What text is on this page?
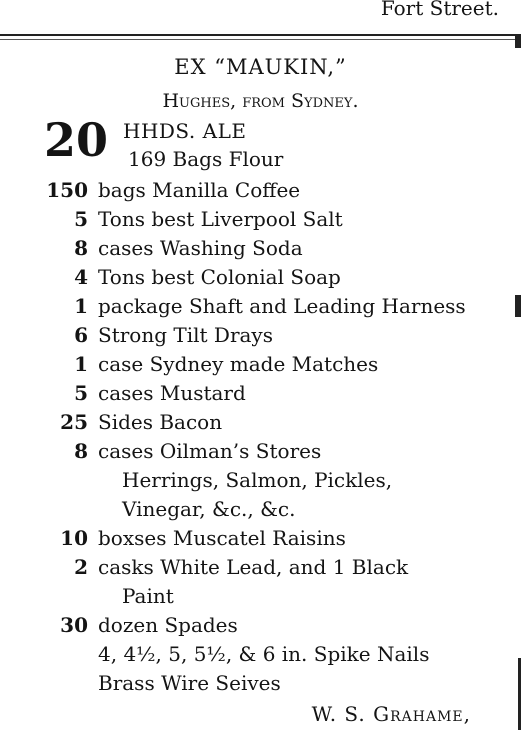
Fort Street.
EX “MAUKIN,”
Hughes, from Sydney.
20 HHDS. ALE
169 Bags Flour
150 bags Manilla Coffee
5 Tons best Liverpool Salt
8 cases Washing Soda
4 Tons best Colonial Soap
1 package Shaft and Leading Harness
6 Strong Tilt Drays
1 case Sydney made Matches
5 cases Mustard
25 Sides Bacon
8 cases Oilman’s Stores
Herrings, Salmon, Pickles,
Vinegar, &c., &c.
10 boxses Muscatel Raisins
2 casks White Lead, and 1 Black
Paint
30 dozen Spades
4, 4½, 5, 5½, & 6 in. Spike Nails
Brass Wire Seives
W. S. Grahame,
